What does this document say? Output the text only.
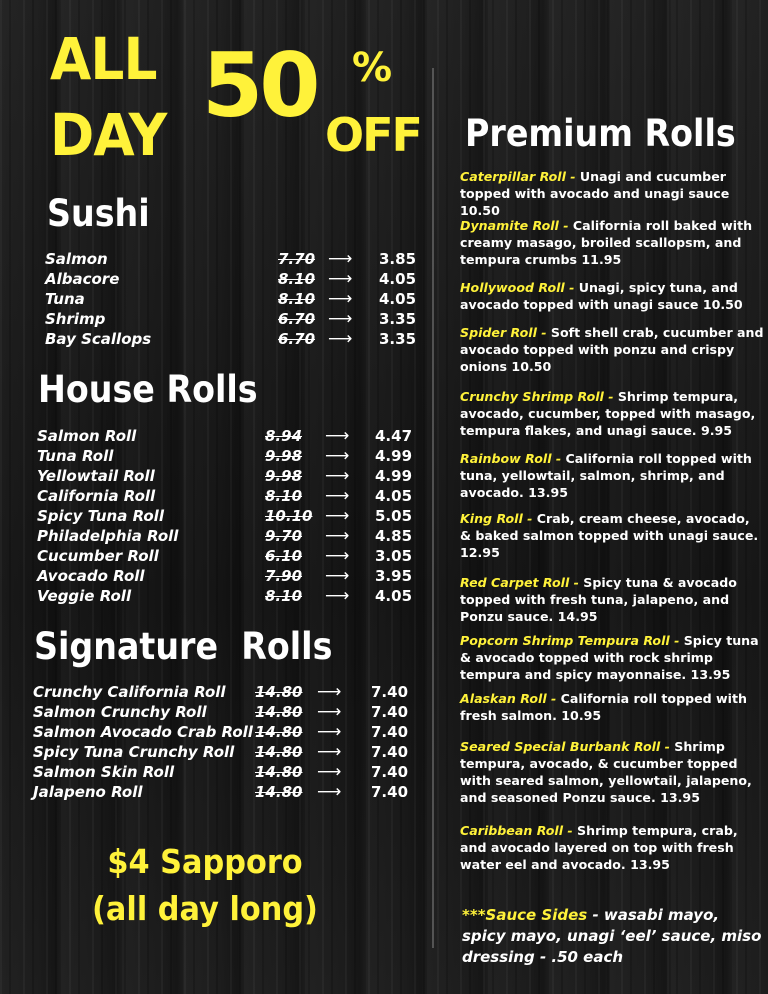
ALL
DAY 50 %
OFF
Sushi
Salmon	7.70 ⟶ 3.85
Albacore	8.10 ⟶ 4.05
Tuna	8.10 ⟶ 4.05
Shrimp	6.70 ⟶ 3.35
Bay Scallops	6.70 ⟶ 3.35
House Rolls
Salmon Roll	8.94 ⟶ 4.47
Tuna Roll	9.98 ⟶ 4.99
Yellowtail Roll	9.98 ⟶ 4.99
California Roll	8.10 ⟶ 4.05
Spicy Tuna Roll	10.10 ⟶ 5.05
Philadelphia Roll	9.70 ⟶ 4.85
Cucumber Roll	6.10 ⟶ 3.05
Avocado Roll	7.90 ⟶ 3.95
Veggie Roll	8.10 ⟶ 4.05
Signature  Rolls
Crunchy California Roll 14.80 ⟶ 7.40
Salmon Crunchy Roll	14.80 ⟶ 7.40
Salmon Avocado Crab Roll 14.80 ⟶ 7.40
Spicy Tuna Crunchy Roll 14.80 ⟶ 7.40
Salmon Skin Roll	14.80 ⟶ 7.40
Jalapeno Roll	14.80 ⟶ 7.40
$4 Sapporo
(all day long)
Premium Rolls
Caterpillar Roll - Unagi and cucumber topped with avocado and unagi sauce 10.50
Dynamite Roll - California roll baked with creamy masago, broiled scallopsm, and tempura crumbs 11.95
Hollywood Roll - Unagi, spicy tuna, and avocado topped with unagi sauce 10.50
Spider Roll - Soft shell crab, cucumber and avocado topped with ponzu and crispy onions 10.50
Crunchy Shrimp Roll - Shrimp tempura, avocado, cucumber, topped with masago, tempura flakes, and unagi sauce. 9.95
Rainbow Roll - California roll topped with tuna, yellowtail, salmon, shrimp, and avocado. 13.95
King Roll - Crab, cream cheese, avocado, & baked salmon topped with unagi sauce. 12.95
Red Carpet Roll - Spicy tuna & avocado topped with fresh tuna, jalapeno, and Ponzu sauce. 14.95
Popcorn Shrimp Tempura Roll - Spicy tuna & avocado topped with rock shrimp tempura and spicy mayonnaise. 13.95
Alaskan Roll - California roll topped with fresh salmon. 10.95
Seared Special Burbank Roll - Shrimp tempura, avocado, & cucumber topped with seared salmon, yellowtail, jalapeno, and seasoned Ponzu sauce. 13.95
Caribbean Roll - Shrimp tempura, crab, and avocado layered on top with fresh water eel and avocado. 13.95
***Sauce Sides - wasabi mayo, spicy mayo, unagi ‘eel’ sauce, miso dressing - .50 each
